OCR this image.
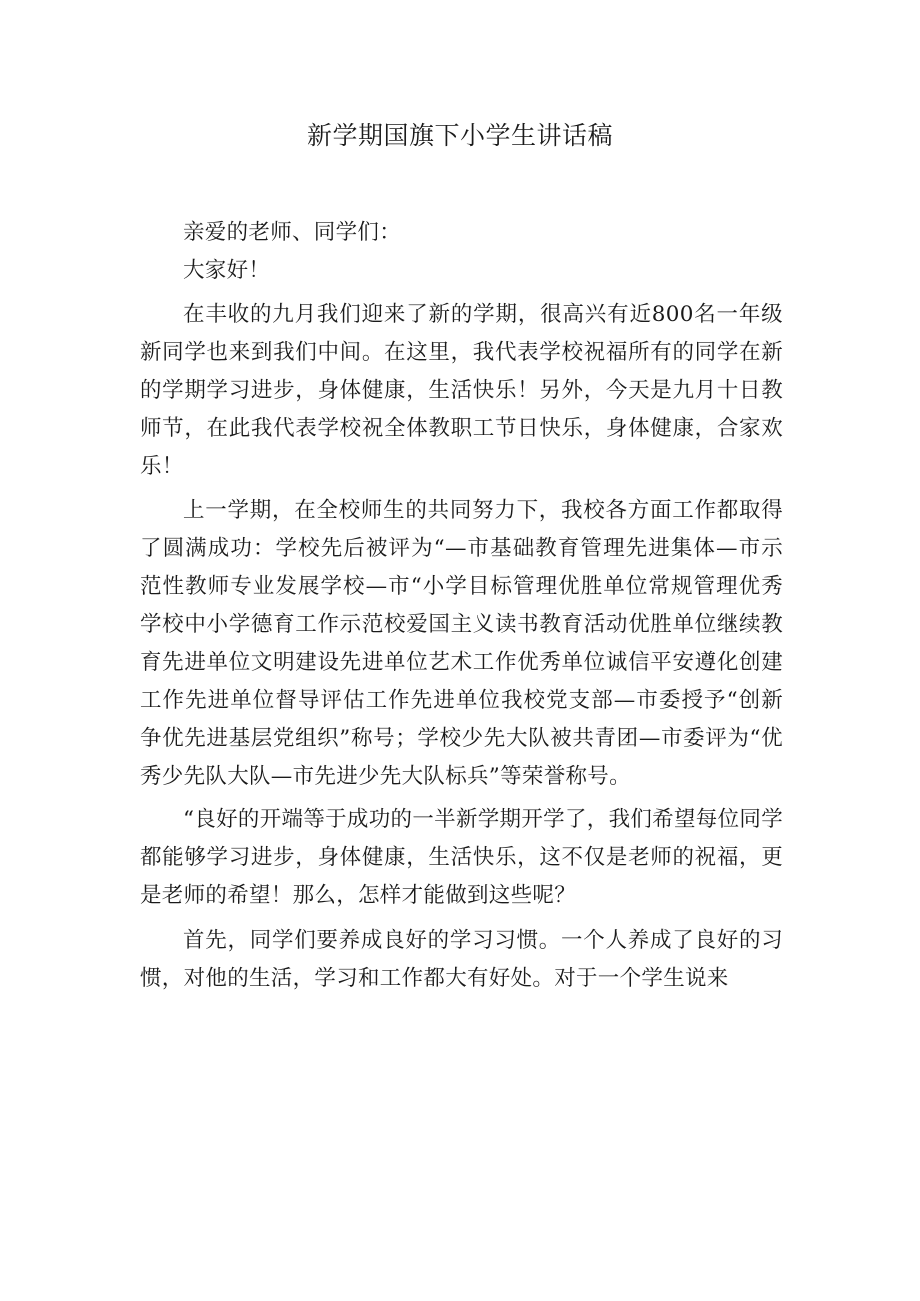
新学期国旗下小学生讲话稿

亲爱的老师、同学们：

大家好！

在丰收的九月我们迎来了新的学期，很高兴有近800名一年级新同学也来到我们中间。在这里，我代表学校祝福所有的同学在新的学期学习进步，身体健康，生活快乐！另外，今天是九月十日教师节，在此我代表学校祝全体教职工节日快乐，身体健康，合家欢乐！

上一学期，在全校师生的共同努力下，我校各方面工作都取得了圆满成功：学校先后被评为“—市基础教育管理先进集体—市示范性教师专业发展学校—市“小学目标管理优胜单位常规管理优秀学校中小学德育工作示范校爱国主义读书教育活动优胜单位继续教育先进单位文明建设先进单位艺术工作优秀单位诚信平安遵化创建工作先进单位督导评估工作先进单位我校党支部—市委授予“创新争优先进基层党组织”称号；学校少先大队被共青团—市委评为“优秀少先队大队—市先进少先大队标兵”等荣誉称号。

“良好的开端等于成功的一半新学期开学了，我们希望每位同学都能够学习进步，身体健康，生活快乐，这不仅是老师的祝福，更是老师的希望！那么，怎样才能做到这些呢？

首先，同学们要养成良好的学习习惯。一个人养成了良好的习惯，对他的生活，学习和工作都大有好处。对于一个学生说来
